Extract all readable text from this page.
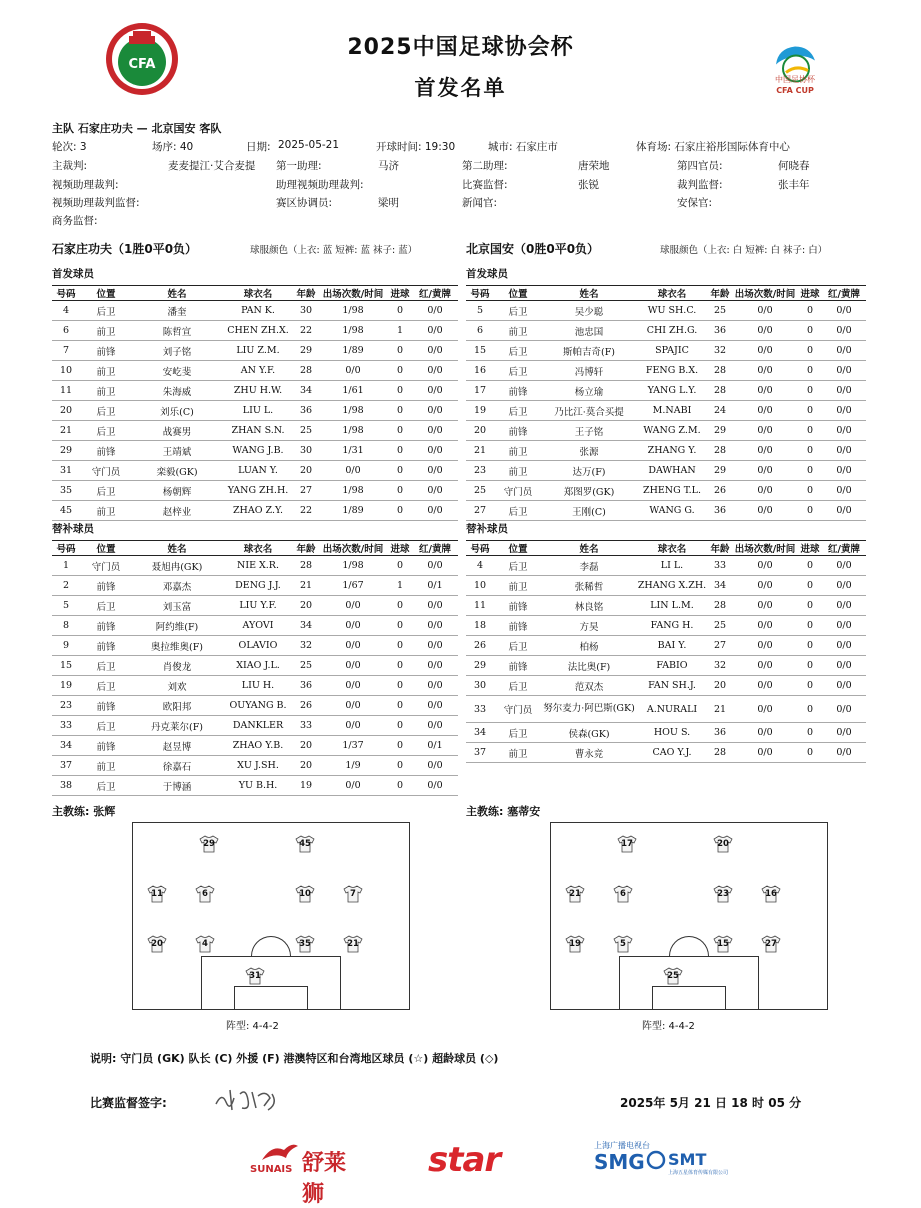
CFA
2025中国足球协会杯
首发名单	中国足协杯
CFA CUP
主队 石家庄功夫 — 北京国安 客队
轮次: 3	场序: 40	日期: 2025-05-21	开球时间: 19:30	城市: 石家庄市	体育场: 石家庄裕彤国际体育中心
主裁判:	麦麦提江·艾合麦提 第一助理:	马济	第二助理:	唐荣地	第四官员:	何晓春
视频助理裁判:	助理视频助理裁判:	比赛监督:	张锐	裁判监督:	张丰年
视频助理裁判监督:	赛区协调员:	梁明	新闻官:	安保官:
商务监督:
石家庄功夫（1胜0平0负）	球服颜色（上衣: 蓝 短裤: 蓝 袜子: 蓝）	北京国安（0胜0平0负）	球服颜色（上衣: 白 短裤: 白 袜子: 白）
首发球员	首发球员
号码	位置	姓名	球衣名	年龄	出场次数/时间	进球	红/黄牌
4	后卫	潘奎	PAN K.	30	1/98	0	0/0
6	前卫	陈哲宣	CHEN ZH.X.	22	1/98	1	0/0
7	前锋	刘子铭	LIU Z.M.	29	1/89	0	0/0
10	前卫	安屹斐	AN Y.F.	28	0/0	0	0/0
11	前卫	朱海威	ZHU H.W.	34	1/61	0	0/0
20	后卫	刘乐(C)	LIU L.	36	1/98	0	0/0
21	后卫	战赛男	ZHAN S.N.	25	1/98	0	0/0
29	前锋	王靖斌	WANG J.B.	30	1/31	0	0/0
31	守门员	栾毅(GK)	LUAN Y.	20	0/0	0	0/0
35	后卫	杨朝辉	YANG ZH.H.	27	1/98	0	0/0
45	前卫	赵梓业	ZHAO Z.Y.	22	1/89	0	0/0
号码	位置	姓名	球衣名	年龄	出场次数/时间	进球	红/黄牌
5	后卫	吴少聪	WU SH.C.	25	0/0	0	0/0
6	前卫	池忠国	CHI ZH.G.	36	0/0	0	0/0
15	后卫	斯帕吉奇(F)	SPAJIC	32	0/0	0	0/0
16	后卫	冯博轩	FENG B.X.	28	0/0	0	0/0
17	前锋	杨立瑜	YANG L.Y.	28	0/0	0	0/0
19	后卫	乃比江·莫合买提	M.NABI	24	0/0	0	0/0
20	前锋	王子铭	WANG Z.M.	29	0/0	0	0/0
21	前卫	张源	ZHANG Y.	28	0/0	0	0/0
23	前卫	达万(F)	DAWHAN	29	0/0	0	0/0
25	守门员	郑图罗(GK)	ZHENG T.L.	26	0/0	0	0/0
27	后卫	王刚(C)	WANG G.	36	0/0	0	0/0
替补球员	替补球员
号码	位置	姓名	球衣名	年龄	出场次数/时间	进球	红/黄牌
1	守门员	聂旭冉(GK)	NIE X.R.	28	1/98	0	0/0
2	前锋	邓嘉杰	DENG J.J.	21	1/67	1	0/1
5	后卫	刘玉富	LIU Y.F.	20	0/0	0	0/0
8	前锋	阿约维(F)	AYOVI	34	0/0	0	0/0
9	前锋	奥拉维奥(F)	OLAVIO	32	0/0	0	0/0
15	后卫	肖俊龙	XIAO J.L.	25	0/0	0	0/0
19	后卫	刘欢	LIU H.	36	0/0	0	0/0
23	前锋	欧阳邦	OUYANG B.	26	0/0	0	0/0
33	后卫	丹克莱尔(F)	DANKLER	33	0/0	0	0/0
34	前锋	赵昱博	ZHAO Y.B.	20	1/37	0	0/1
37	前卫	徐嘉石	XU J.SH.	20	1/9	0	0/0
38	后卫	于博涵	YU B.H.	19	0/0	0	0/0
号码	位置	姓名	球衣名	年龄	出场次数/时间	进球	红/黄牌
4	后卫	李磊	LI L.	33	0/0	0	0/0
10	前卫	张稀哲	ZHANG X.ZH.	34	0/0	0	0/0
11	前锋	林良铭	LIN L.M.	28	0/0	0	0/0
18	前锋	方昊	FANG H.	25	0/0	0	0/0
26	后卫	柏杨	BAI Y.	27	0/0	0	0/0
29	前锋	法比奥(F)	FABIO	32	0/0	0	0/0
30	后卫	范双杰	FAN SH.J.	20	0/0	0	0/0
33	守门员	努尔麦力·阿巴斯(GK)	A.NURALI	21	0/0	0	0/0
34	后卫	侯森(GK)	HOU S.	36	0/0	0	0/0
37	前卫	曹永竞	CAO Y.J.	28	0/0	0	0/0
主教练: 张辉	主教练: 塞蒂安
29	45
11	6	10	7
20	4	35	21
31
17	20
21	6	23	16
19	5	15	27
25
阵型: 4-4-2	阵型: 4-4-2
说明: 守门员 (GK) 队长 (C) 外援 (F) 港澳特区和台湾地区球员 (☆) 超龄球员 (◇)
比赛监督签字:	2025年 5月 21 日 18 时 05 分
SUNAIS 舒莱狮
star	上海广播电视台
SMG SMT
上海五星体育传媒有限公司
